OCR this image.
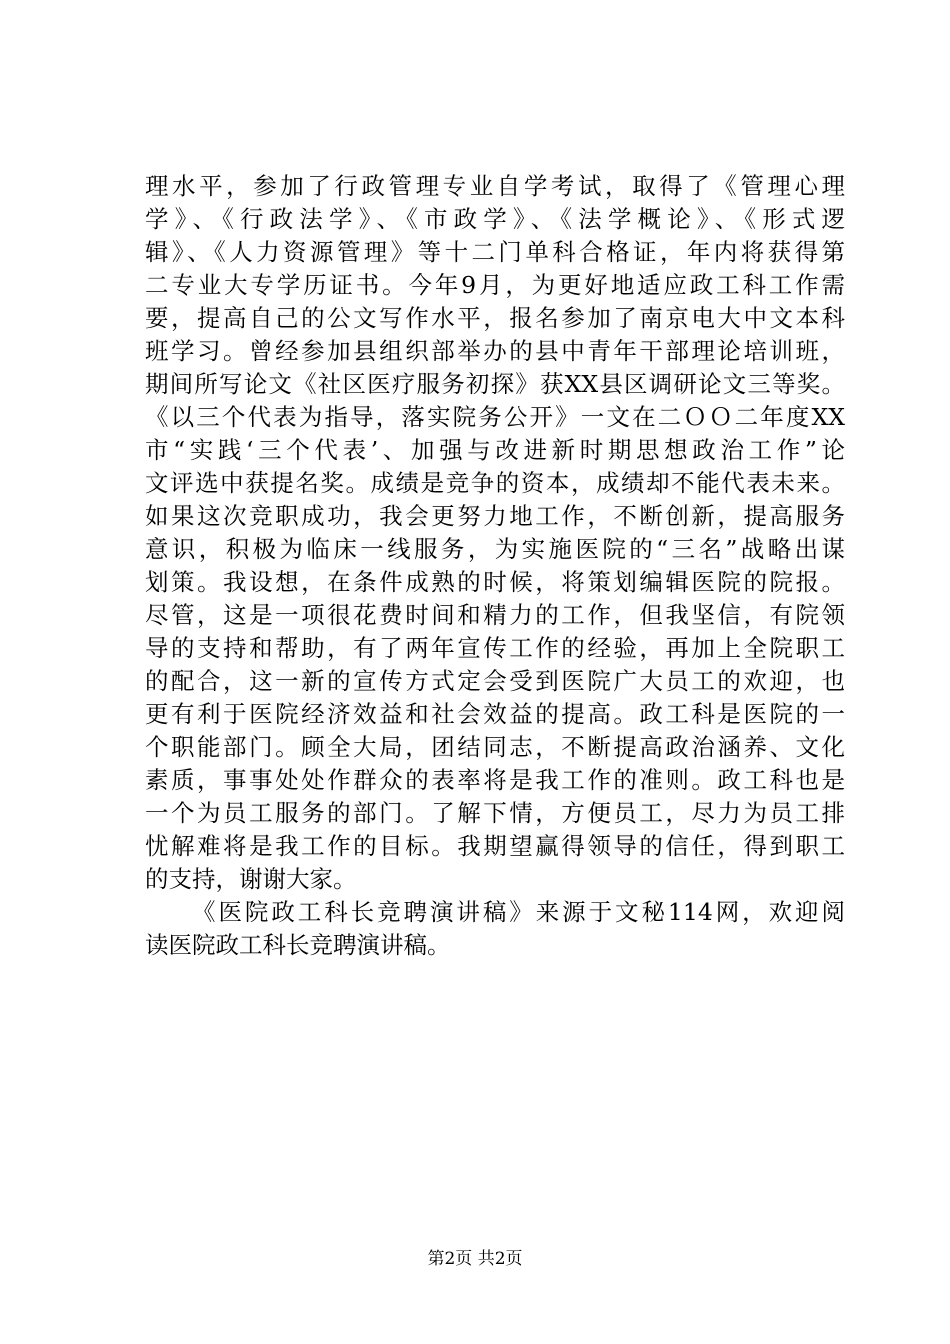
理水平，参加了行政管理专业自学考试，取得了《管理心理
学》、《行政法学》、《市政学》、《法学概论》、《形式逻
辑》、《人力资源管理》等十二门单科合格证，年内将获得第
二专业大专学历证书。今年9月，为更好地适应政工科工作需
要，提高自己的公文写作水平，报名参加了南京电大中文本科
班学习。曾经参加县组织部举办的县中青年干部理论培训班，
期间所写论文《社区医疗服务初探》获XX县区调研论文三等奖。
《以三个代表为指导，落实院务公开》一文在二ＯＯ二年度XX
市“实践‘三个代表’、加强与改进新时期思想政治工作”论
文评选中获提名奖。成绩是竞争的资本，成绩却不能代表未来。
如果这次竞职成功，我会更努力地工作，不断创新，提高服务
意识，积极为临床一线服务，为实施医院的“三名”战略出谋
划策。我设想，在条件成熟的时候，将策划编辑医院的院报。
尽管，这是一项很花费时间和精力的工作，但我坚信，有院领
导的支持和帮助，有了两年宣传工作的经验，再加上全院职工
的配合，这一新的宣传方式定会受到医院广大员工的欢迎，也
更有利于医院经济效益和社会效益的提高。政工科是医院的一
个职能部门。顾全大局，团结同志，不断提高政治涵养、文化
素质，事事处处作群众的表率将是我工作的准则。政工科也是
一个为员工服务的部门。了解下情，方便员工，尽力为员工排
忧解难将是我工作的目标。我期望赢得领导的信任，得到职工
的支持，谢谢大家。
《医院政工科长竞聘演讲稿》来源于文秘114网，欢迎阅
读医院政工科长竞聘演讲稿。
第2页 共2页
